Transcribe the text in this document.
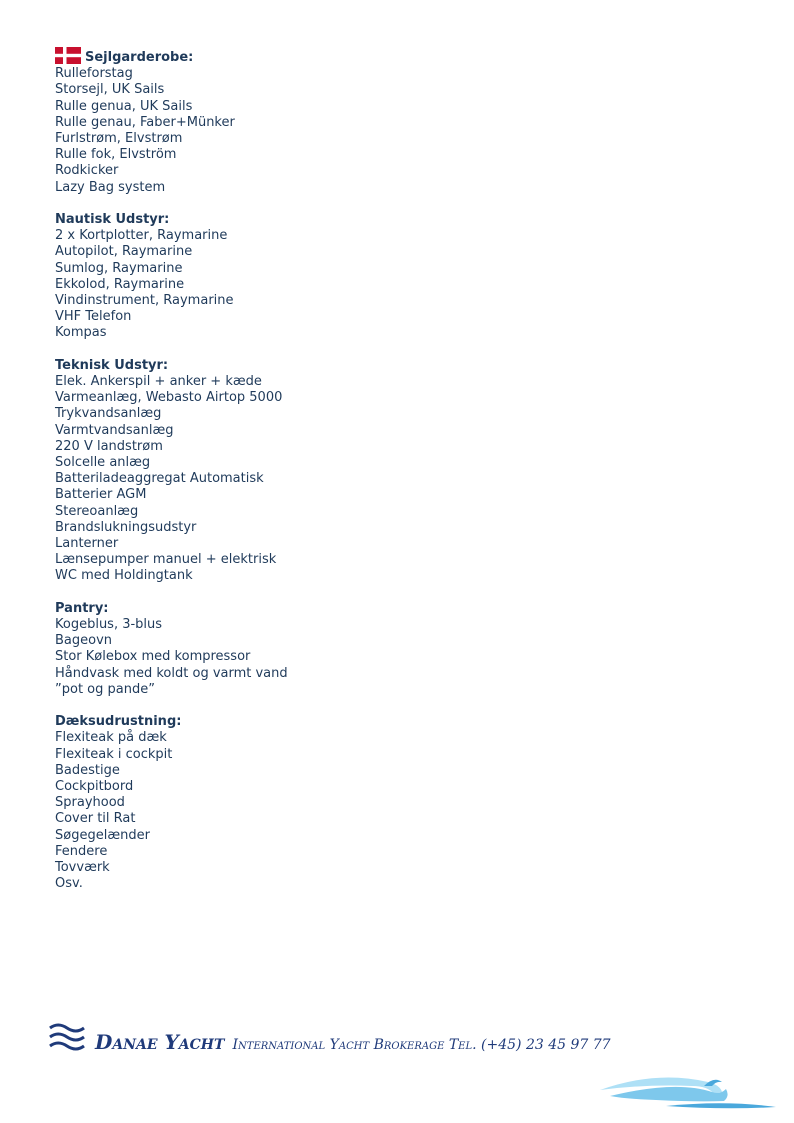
Sejlgarderobe:
Rulleforstag
Storsejl, UK Sails
Rulle genua, UK Sails
Rulle genau, Faber+Münker
Furlstrøm, Elvstrøm
Rulle fok, Elvström
Rodkicker
Lazy Bag system
Nautisk Udstyr:
2 x Kortplotter, Raymarine
Autopilot, Raymarine
Sumlog, Raymarine
Ekkolod, Raymarine
Vindinstrument, Raymarine
VHF Telefon
Kompas
Teknisk Udstyr:
Elek. Ankerspil + anker + kæde
Varmeanlæg, Webasto Airtop 5000
Trykvandsanlæg
Varmtvandsanlæg
220 V landstrøm
Solcelle anlæg
Batteriladeaggregat Automatisk
Batterier AGM
Stereoanlæg
Brandslukningsudstyr
Lanterner
Lænsepumper manuel + elektrisk
WC med Holdingtank
Pantry:
Kogeblus, 3-blus
Bageovn
Stor Kølebox med kompressor
Håndvask med koldt og varmt vand
”pot og pande”
Dæksudrustning:
Flexiteak på dæk
Flexiteak i cockpit
Badestige
Cockpitbord
Sprayhood
Cover til Rat
Søgegelænder
Fendere
Tovværk
Osv.
Danae Yacht International Yacht Brokerage Tel. (+45) 23 45 97 77
